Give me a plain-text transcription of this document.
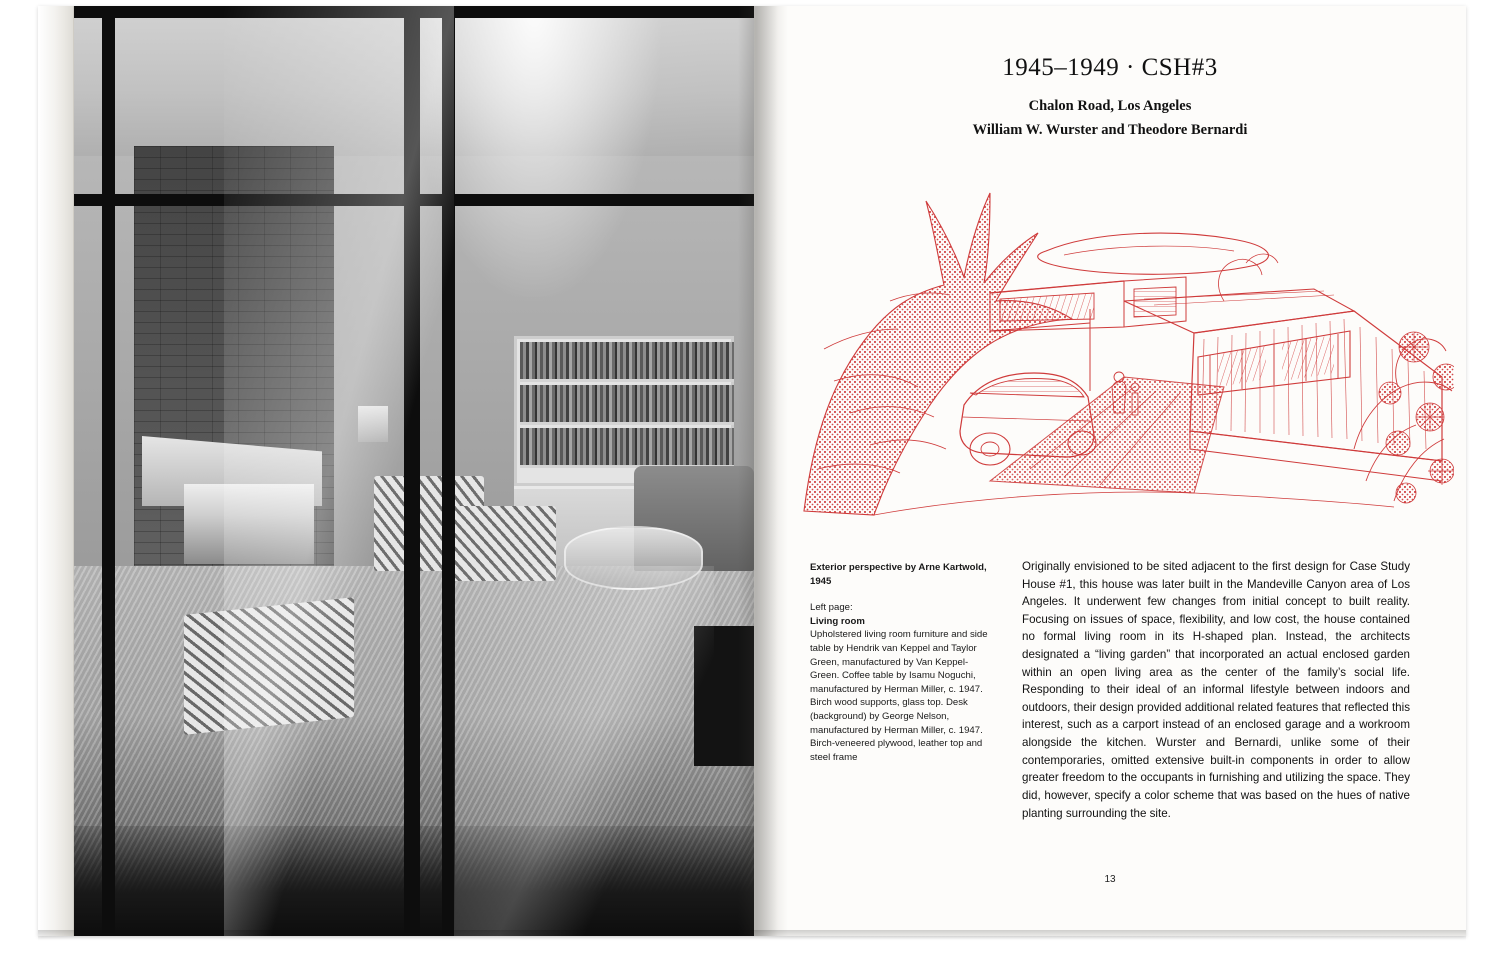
1945–1949 · CSH#3
Chalon Road, Los Angeles
William W. Wurster and Theodore Bernardi

Exterior perspective by Arne Kartwold, 1945

Left page:

Living room

Upholstered living room furniture and side table by Hendrik van Keppel and Taylor Green, manufactured by Van Keppel-Green. Coffee table by Isamu Noguchi, manufactured by Herman Miller, c. 1947. Birch wood supports, glass top. Desk (background) by George Nelson, manufactured by Herman Miller, c. 1947. Birch-veneered plywood, leather top and steel frame

Originally envisioned to be sited adjacent to the first design for Case Study House #1, this house was later built in the Mandeville Canyon area of Los Angeles. It underwent few changes from initial concept to built reality. Focusing on issues of space, flexibility, and low cost, the house contained no formal living room in its H-shaped plan. Instead, the architects designated a “living garden” that incorporated an actual enclosed garden within an open living area as the center of the family’s social life. Responding to their ideal of an informal lifestyle between indoors and outdoors, their design provided additional related features that reflected this interest, such as a carport instead of an enclosed garage and a workroom alongside the kitchen. Wurster and Bernardi, unlike some of their contemporaries, omitted extensive built-in components in order to allow greater freedom to the occupants in furnishing and utilizing the space. They did, however, specify a color scheme that was based on the hues of native planting surrounding the site.
13
